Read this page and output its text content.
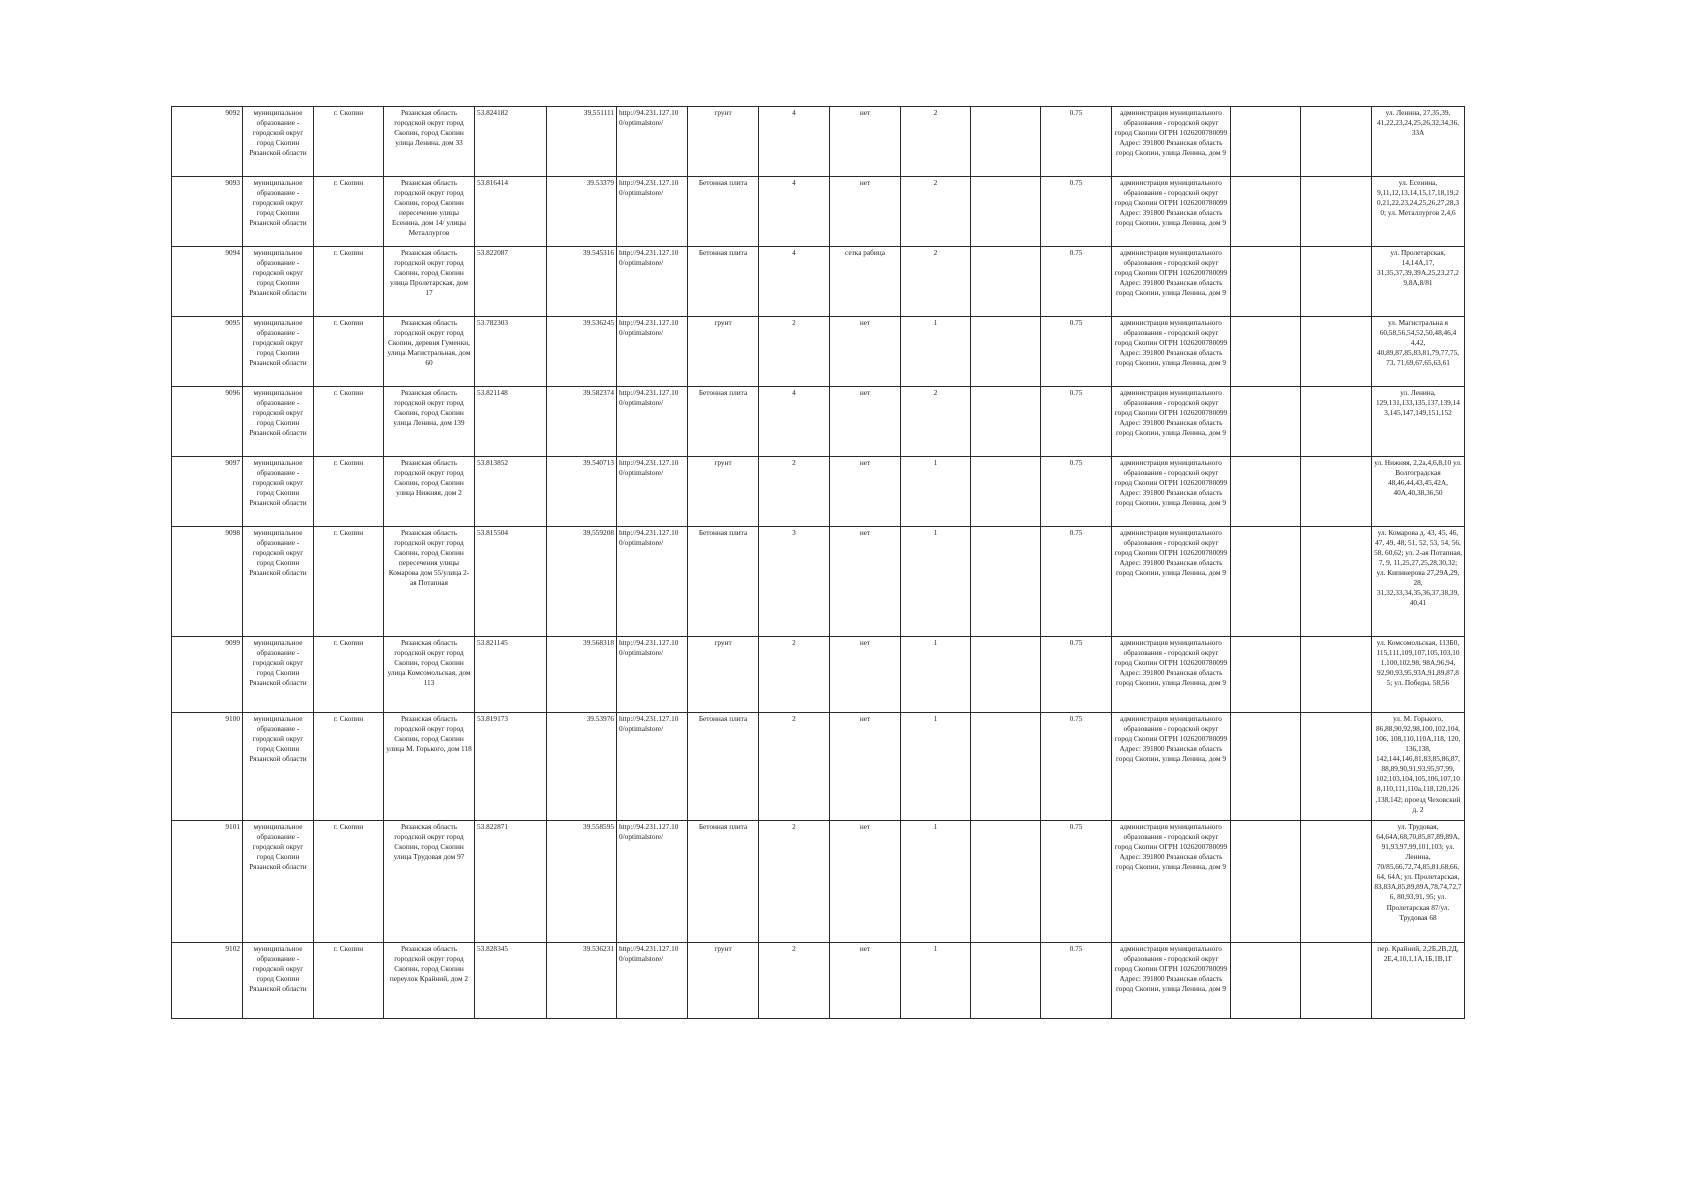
9092	муниципальное образование - городской округ город Скопин Рязанской области	г. Скопин	Рязанская область городской округ город Скопин, город Скопин улица Ленина, дом 33	53.824182	39,551111	http://94.231.127.10 0/optimalstore/	грунт	4	нет	2		0.75	администрация муниципального образования - городской округ город Скопин ОГРН 1026200780099 Адрес: 391800 Рязанская область город Скопин, улица Ленина, дом 9			ул. Ленина, 27,35,39, 41,22,23,24,25,26,32,34,36, 33А
9093	муниципальное образование - городской округ город Скопин Рязанской области	г. Скопин	Рязанская область городской округ город Скопин, город Скопин пересечение улицы Есенина, дом 14/ улицы Металлургов	53.816414	39.53379	http://94.231.127.10 0/optimalstore/	Бетонная плита	4	нет	2		0.75	администрация муниципального образования - городской округ город Скопин ОГРН 1026200780099 Адрес: 391800 Рязанская область город Скопин, улица Ленина, дом 9			ул. Есенина, 9,11,12,13,14,15,17,18,19,2 0,21,22,23,24,25,26,27,28,3 0; ул. Металлургов 2,4,6
9094	муниципальное образование - городской округ город Скопин Рязанской области	г. Скопин	Рязанская область городской округ город Скопин, город Скопин улица Пролетарская, дом 17	53.822087	39.545316	http://94.231.127.10 0/optimalstore/	Бетонная плита	4	сетка рабица	2		0.75	администрация муниципального образования - городской округ город Скопин ОГРН 1026200780099 Адрес: 391800 Рязанская область город Скопин, улица Ленина, дом 9			ул. Пролетарская, 14,14А,17, 31,35,37,39,39А,25,23,27,2 9,8А,8/81
9095	муниципальное образование - городской округ город Скопин Рязанской области	г. Скопин	Рязанская область городской округ город Скопин, деревня Гуменки, улица Магистральная, дом 60	53.782303	39.536245	http://94.231.127.10 0/optimalstore/	грунт	2	нет	1		0.75	администрация муниципального образования - городской округ город Скопин ОГРН 1026200780099 Адрес: 391800 Рязанская область город Скопин, улица Ленина, дом 9			ул. Магистральна я 60,58,56,54,52,50,48,46,4 4,42, 40,89,87,85,83,81,79,77,75, 73, 71,69,67,65,63,61
9096	муниципальное образование - городской округ город Скопин Рязанской области	г. Скопин	Рязанская область городской округ город Скопин, город Скопин улица Ленина, дом 139	53.821148	39.582374	http://94.231.127.10 0/optimalstore/	Бетонная плита	4	нет	2		0.75	администрация муниципального образования - городской округ город Скопин ОГРН 1026200780099 Адрес: 391800 Рязанская область город Скопин, улица Ленина, дом 9			ул. Ленина, 129,131,133,135,137,139,14 3,145,147,149,151,152
9097	муниципальное образование - городской округ город Скопин Рязанской области	г. Скопин	Рязанская область городской округ город Скопин, город Скопин улица Нижняя, дом 2	53.813852	39.540713	http://94.231.127.10 0/optimalstore/	грунт	2	нет	1		0.75	администрация муниципального образования - городской округ город Скопин ОГРН 1026200780099 Адрес: 391800 Рязанская область город Скопин, улица Ленина, дом 9			ул. Нижняя, 2,2а,4,6,8,10 ул. Волгоградская 48,46,44,43,45,42А, 40А,40,38,36,50
9098	муниципальное образование - городской округ город Скопин Рязанской области	г. Скопин	Рязанская область городской округ город Скопин, город Скопин пересечения улицы Комарова дом 55/улица 2-ая Потапная	53.815504	39,559208	http://94.231.127.10 0/optimalstore/	Бетонная плита	3	нет	1		0.75	администрация муниципального образования - городской округ город Скопин ОГРН 1026200780099 Адрес: 391800 Рязанская область город Скопин, улица Ленина, дом 9			ул. Комарова д. 43, 45, 46, 47, 49, 48, 51, 52, 53, 54, 56, 58, 60,62; ул. 2-ая Потапная, 7, 9, 11,25,27,25,28,30,32; ул. Кипинерова 27,29А,29, 28, 31,32,33,34,35,36,37,38,39, 40,41
9099	муниципальное образование - городской округ город Скопин Рязанской области	г. Скопин	Рязанская область городской округ город Скопин, город Скопин улица Комсомольская, дом 113	53.821145	39.568318	http://94.231.127.10 0/optimalstore/	грунт	2	нет	1		0.75	администрация муниципального образования - городской округ город Скопин ОГРН 1026200780099 Адрес: 391800 Рязанская область город Скопин, улица Ленина, дом 9			ул. Комсомольская, 113Б0, 115,111,109,107,105,103,10 1,100,102,98, 98А,96,94, 92,90,93,95,93А,91,89,87,8 5; ул. Победы, 58,56
9100	муниципальное образование - городской округ город Скопин Рязанской области	г. Скопин	Рязанская область городской округ город Скопин, город Скопин улица М. Горького, дом 118	53.819173	39.53976	http://94.231.127.10 0/optimalstore/	Бетонная плита	2	нет	1		0.75	администрация муниципального образования - городской округ город Скопин ОГРН 1026200780099 Адрес: 391800 Рязанская область город Скопин, улица Ленина, дом 9			ул. М. Горького, 86,88,90,92,98,100,102,104, 106, 108,110,110А,118, 120, 136,138, 142,144,146,81,83,85,86,87, 88,89,90,91,93,95,97,99, 102,103,104,105,106,107,10 8,110,111,110а,118,120,126 ,138,142; проезд Чеховский д. 2
9101	муниципальное образование - городской округ город Скопин Рязанской области	г. Скопин	Рязанская область городской округ город Скопин, город Скопин улица Трудовая дом 97	53.822871	39.558595	http://94.231.127.10 0/optimalstore/	Бетонная плита	2	нет	1		0.75	администрация муниципального образования - городской округ город Скопин ОГРН 1026200780099 Адрес: 391800 Рязанская область город Скопин, улица Ленина, дом 9			ул. Трудовая, 64,64А,68,70,85,87,89,89А, 91,93,97,99,101,103; ул. Ленина, 70/85,66,72,74,85,81,68,66, 64, 64А; ул. Пролетарская, 83,83А,85,89,89А,78,74,72,7 6, 80,93,91, 95; ул. Пролетарская 87/ул. Трудовая 68
9102	муниципальное образование - городской округ город Скопин Рязанской области	г. Скопин	Рязанская область городской округ город Скопин, город Скопин переулок Крайний, дом 2	53.828345	39.536231	http://94.231.127.10 0/optimalstore/	грунт	2	нет	1		0.75	администрация муниципального образования - городской округ город Скопин ОГРН 1026200780099 Адрес: 391800 Рязанская область город Скопин, улица Ленина, дом 9			пер. Крайний, 2,2Б,2В,2Д, 2Е,4,10,1,1А,1Б,1В,1Г
